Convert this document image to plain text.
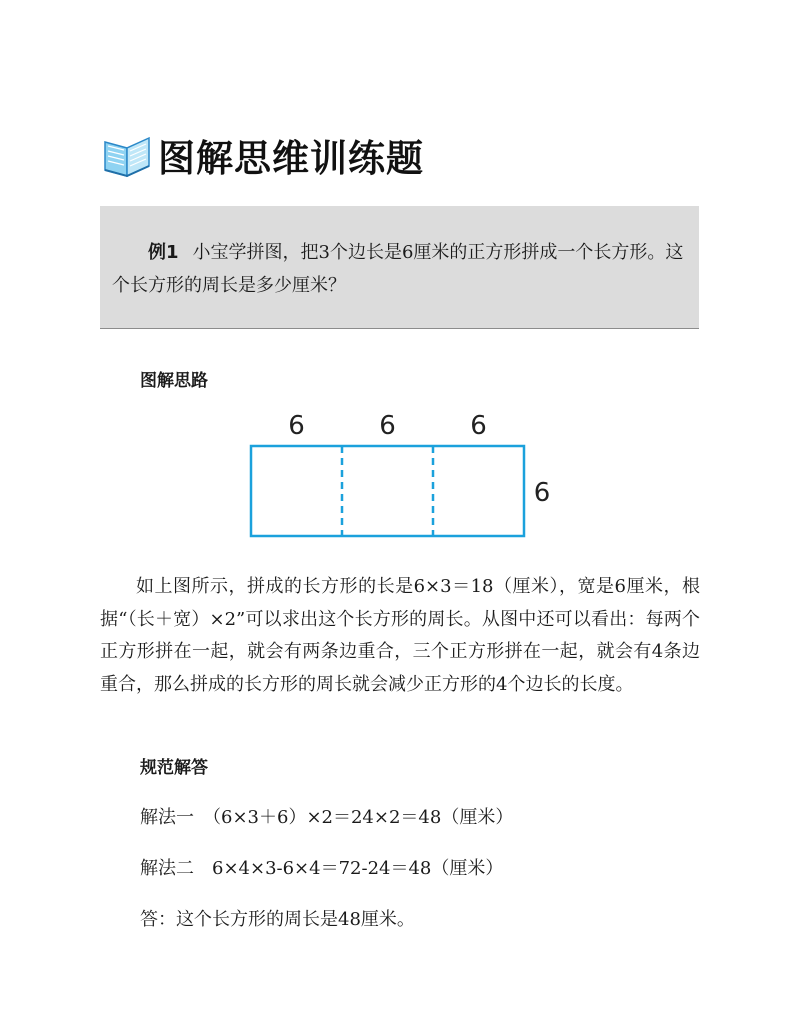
图解思维训练题

例1 小宝学拼图，把3个边长是6厘米的正方形拼成一个长方形。这个长方形的周长是多少厘米？

图解思路
6	6	6
6

如上图所示，拼成的长方形的长是6×3＝18（厘米），宽是6厘米，根据“（长＋宽）×2”可以求出这个长方形的周长。从图中还可以看出：每两个正方形拼在一起，就会有两条边重合，三个正方形拼在一起，就会有4条边重合，那么拼成的长方形的周长就会减少正方形的4个边长的长度。

规范解答

解法一　（6×3＋6）×2＝24×2＝48（厘米）

解法二　6×4×3-6×4＝72-24＝48（厘米）

答：这个长方形的周长是48厘米。
